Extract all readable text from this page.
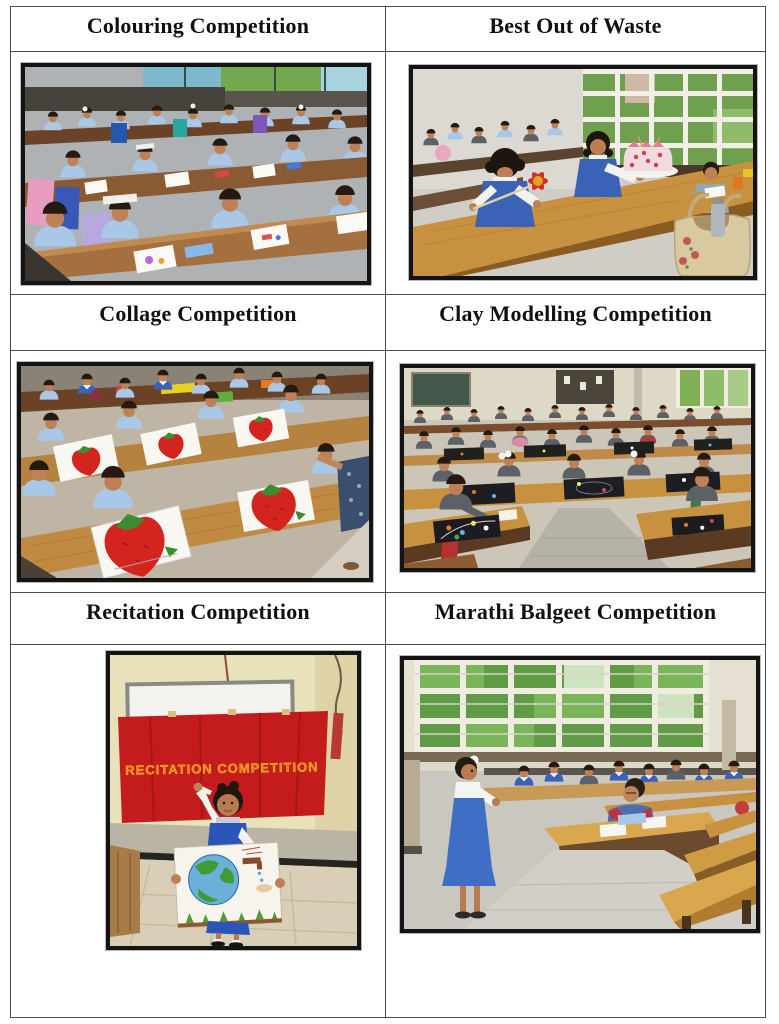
Colouring Competition	Best Out of Waste
Collage Competition	Clay Modelling Competition
Recitation Competition	Marathi Balgeet Competition
RECITATION COMPETITION
